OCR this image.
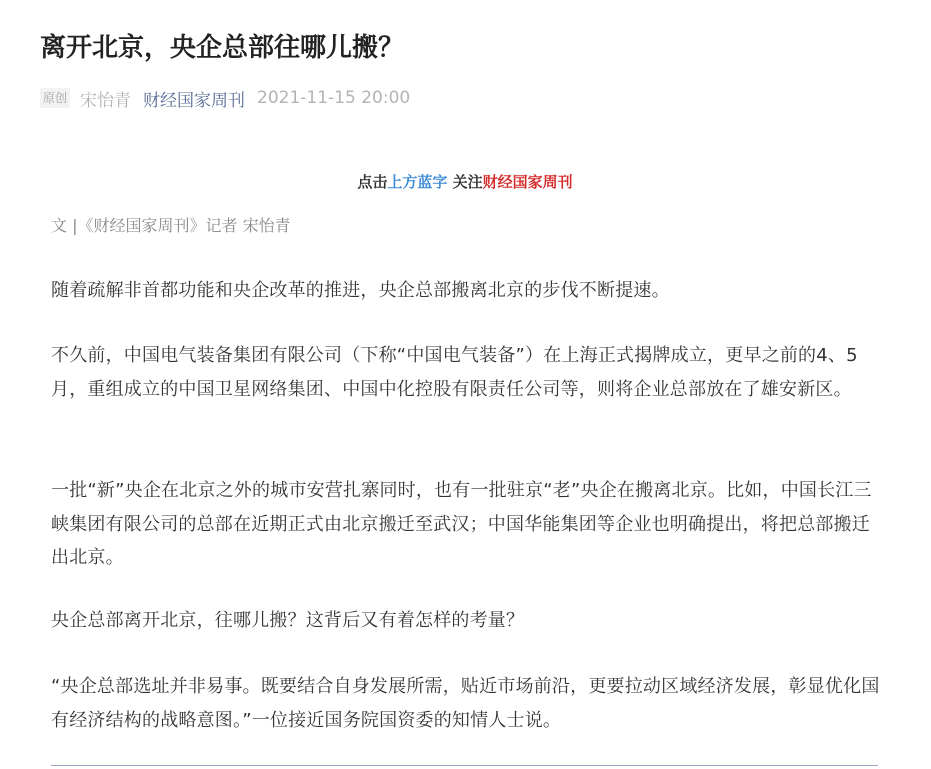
离开北京，央企总部往哪儿搬？
原创 宋怡青 财经国家周刊 2021-11-15 20:00
点击上方蓝字 关注财经国家周刊
文 |《财经国家周刊》记者 宋怡青

随着疏解非首都功能和央企改革的推进，央企总部搬离北京的步伐不断提速。

不久前，中国电气装备集团有限公司（下称“中国电气装备”）在上海正式揭牌成立，更早之前的4、5月，重组成立的中国卫星网络集团、中国中化控股有限责任公司等，则将企业总部放在了雄安新区。

一批“新”央企在北京之外的城市安营扎寨同时，也有一批驻京“老”央企在搬离北京。比如，中国长江三峡集团有限公司的总部在近期正式由北京搬迁至武汉；中国华能集团等企业也明确提出，将把总部搬迁出北京。

央企总部离开北京，往哪儿搬？这背后又有着怎样的考量？

“央企总部选址并非易事。既要结合自身发展所需，贴近市场前沿，更要拉动区域经济发展，彰显优化国有经济结构的战略意图。”一位接近国务院国资委的知情人士说。
